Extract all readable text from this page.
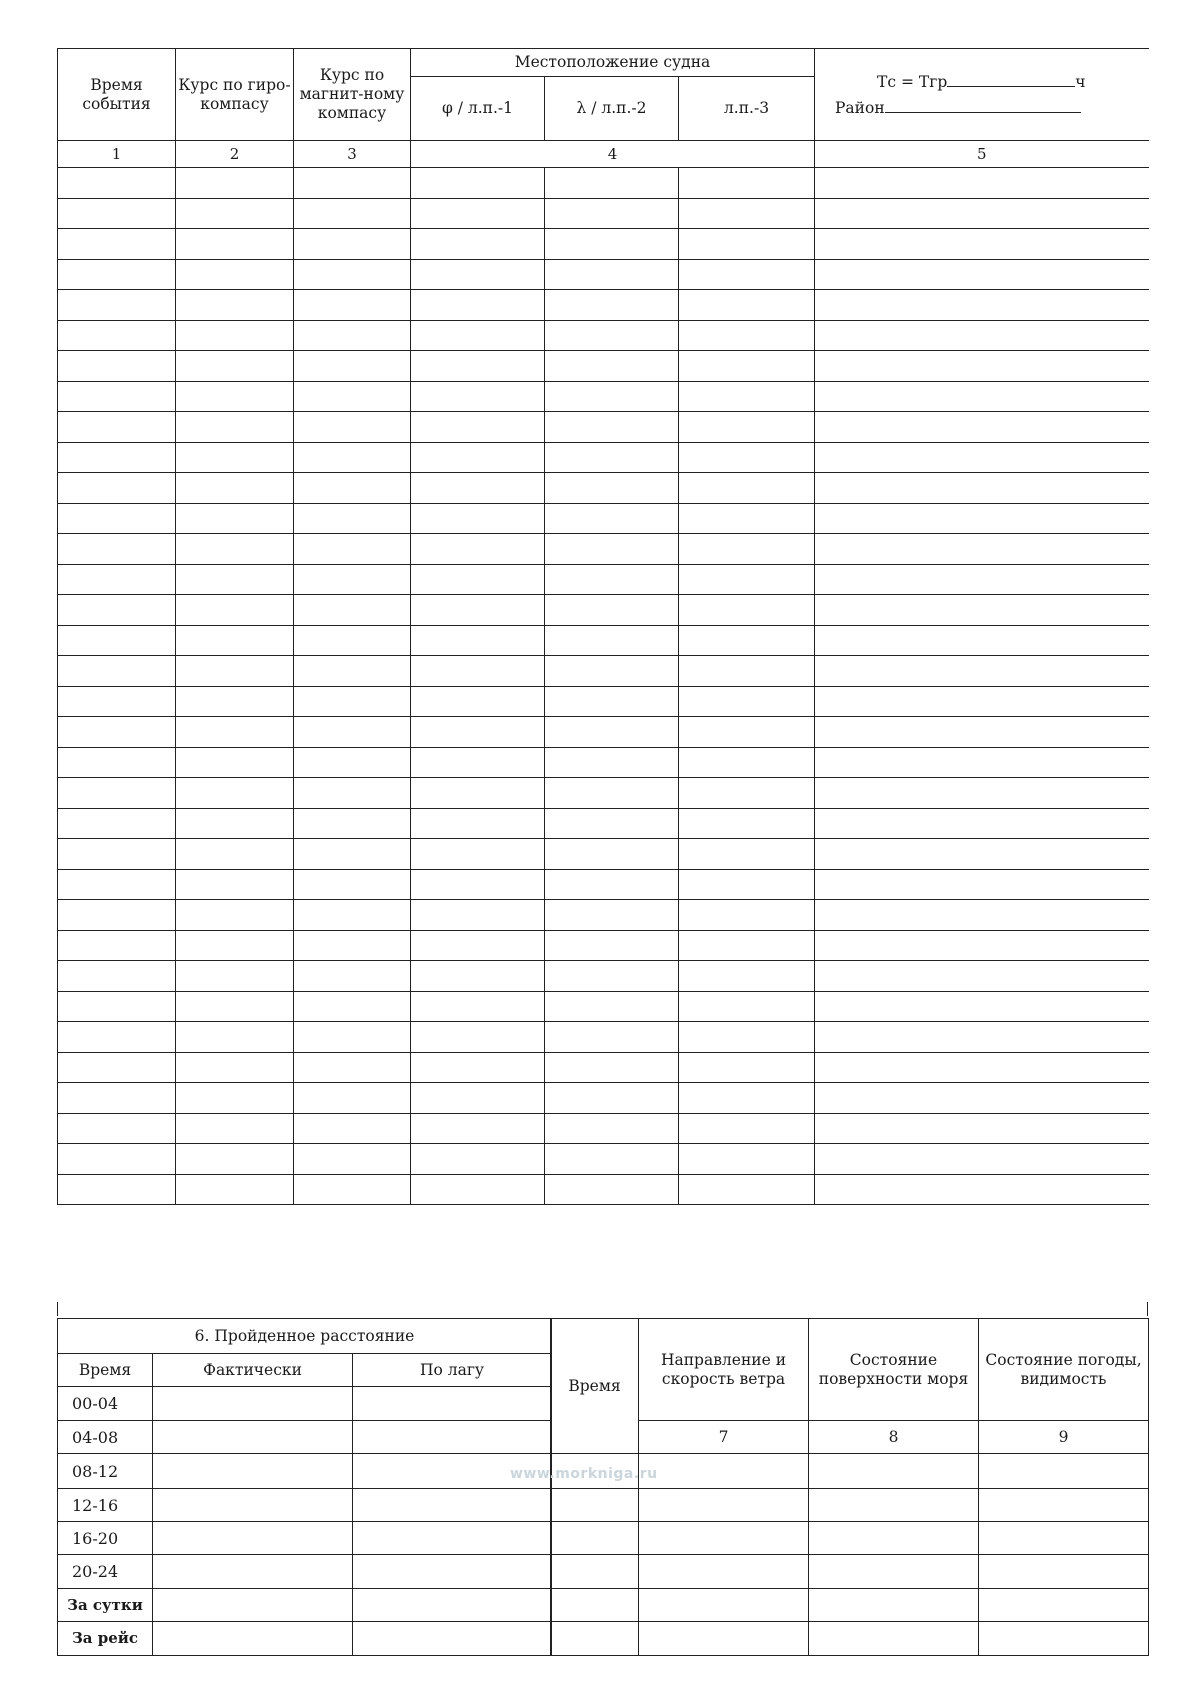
Время события	Курс по гиро-компасу	Курс по магнит-ному компасу	Местоположение судна			Тс = Тгр ч
Район

			φ / л.п.-1	λ / л.п.-2	л.п.-3	
1	2	3	4			5

6. Пройденное расстояние		
Время	Фактически	По лагу
00-04		
04-08		
08-12		
12-16		
16-20		
20-24		
За сутки		
За рейс		
Время	Направление и скорость ветра	Состояние поверхности моря	Состояние погоды, видимость
	7	8	9

www.morkniga.ru
